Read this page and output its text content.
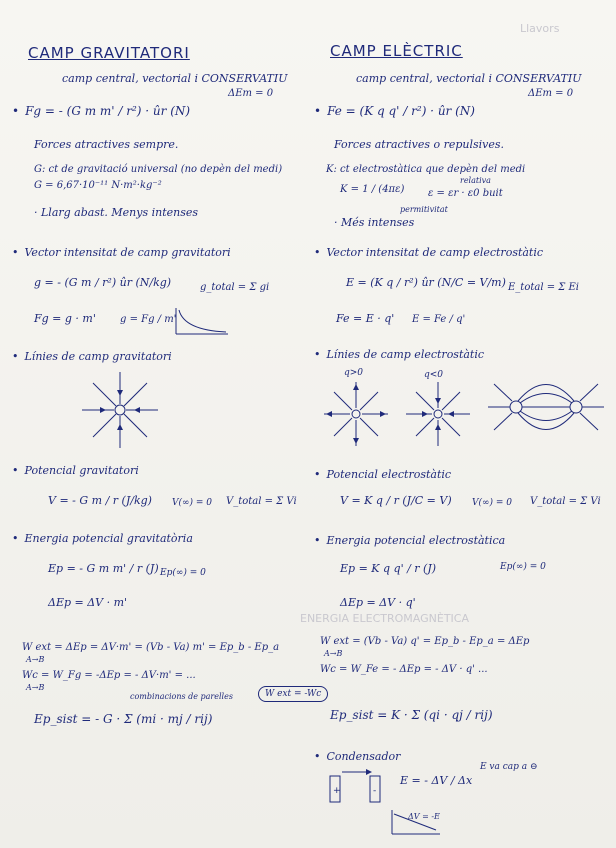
Llavors
ENERGIA ELECTROMAGNÈTICA
CAMP GRAVITATORI
camp central, vectorial i CONSERVATIU
ΔEm = 0
• Fg = - (G m m' / r²) · ûr (N)
Forces atractives sempre.
G: ct de gravitació universal (no depèn del medi)
G = 6,67·10⁻¹¹ N·m²·kg⁻²
· Llarg abast. Menys intenses
• Vector intensitat de camp gravitatori
g = - (G m / r²) ûr (N/kg)	g_total = Σ gi
Fg = g · m' g = Fg / m'
• Línies de camp gravitatori
• Potencial gravitatori
V = - G m / r (J/kg) V(∞) = 0 V_total = Σ Vi
• Energia potencial gravitatòria
Ep = - G m m' / r (J) Ep(∞) = 0
ΔEp = ΔV · m'
W ext = ΔEp = ΔV·m' = (Vb - Va) m' = Ep_b - Ep_a
A→B
Wc = W_Fg = -ΔEp = - ΔV·m' = ...
A→B
combinacions de parelles
Ep_sist = - G · Σ (mi · mj / rij)
CAMP ELÈCTRIC
camp central, vectorial i CONSERVATIU
ΔEm = 0
• Fe = (K q q' / r²) · ûr (N)
Forces atractives o repulsives.
K: ct electrostàtica que depèn del medi
K = 1 / (4πε) ε = εr · ε0 buit
relativa
permitivitat
· Més intenses
• Vector intensitat de camp electrostàtic
E = (K q / r²) ûr (N/C = V/m) E_total = Σ Ei
Fe = E · q' E = Fe / q'
• Línies de camp electrostàtic
q>0	q<0
• Potencial electrostàtic
V = K q / r (J/C = V) V(∞) = 0 V_total = Σ Vi
• Energia potencial electrostàtica
Ep = K q q' / r (J)	Ep(∞) = 0
ΔEp = ΔV · q'
W ext = (Vb - Va) q' = Ep_b - Ep_a = ΔEp
A→B
Wc = W_Fe = - ΔEp = - ΔV · q' ...
W ext = -Wc
Ep_sist = K · Σ (qi · qj / rij)
• Condensador
+	-
E = - ΔV / Δx
E va cap a ⊖
ΔV = -E
